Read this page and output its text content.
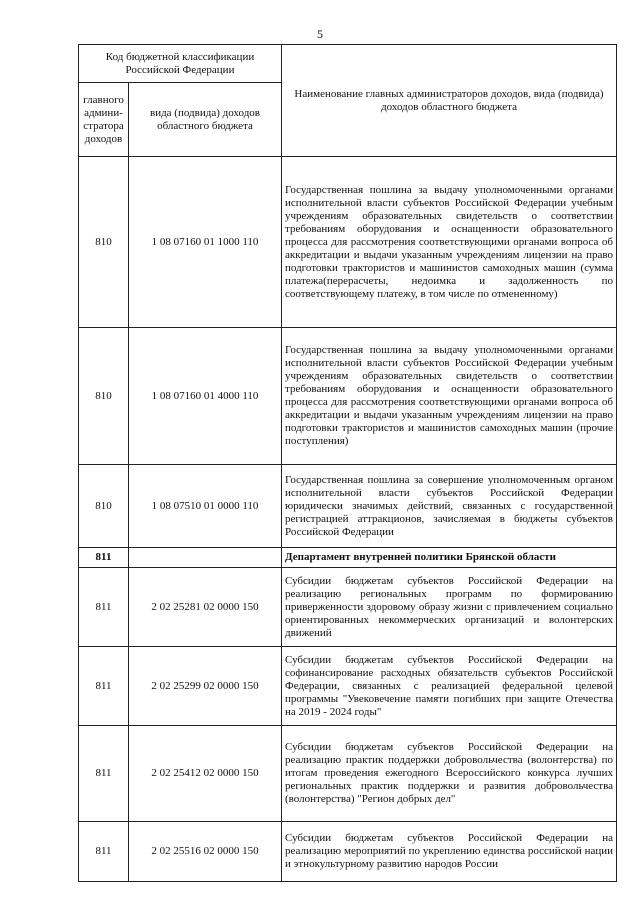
5
Код бюджетной классификации Российской Федерации		Наименование главных администраторов доходов, вида (подвида) доходов областного бюджета
главного админи-стратора доходов	вида (подвида) доходов областного бюджета	
810	1 08 07160 01 1000 110	Государственная пошлина за выдачу уполномоченными органами исполнительной власти субъектов Российской Федерации учебным учреждениям образовательных свидетельств о соответствии требованиям оборудования и оснащенности образовательного процесса для рассмотрения соответствующими органами вопроса об аккредитации и выдачи указанным учреждениям лицензии на право подготовки трактористов и машинистов самоходных машин (сумма платежа(перерасчеты, недоимка и задолженность по соответствующему платежу, в том числе по отмененному)
810	1 08 07160 01 4000 110	Государственная пошлина за выдачу уполномоченными органами исполнительной власти субъектов Российской Федерации учебным учреждениям образовательных свидетельств о соответствии требованиям оборудования и оснащенности образовательного процесса для рассмотрения соответствующими органами вопроса об аккредитации и выдачи указанным учреждениям лицензии на право подготовки трактористов и машинистов самоходных машин (прочие поступления)
810	1 08 07510 01 0000 110	Государственная пошлина за совершение уполномоченным органом исполнительной власти субъектов Российской Федерации юридически значимых действий, связанных с государственной регистрацией аттракционов, зачисляемая в бюджеты субъектов Российской Федерации
811		Департамент внутренней политики Брянской области
811	2 02 25281 02 0000 150	Субсидии бюджетам субъектов Российской Федерации на реализацию региональных программ по формированию приверженности здоровому образу жизни с привлечением социально ориентированных некоммерческих организаций и волонтерских движений
811	2 02 25299 02 0000 150	Субсидии бюджетам субъектов Российской Федерации на софинансирование расходных обязательств субъектов Российской Федерации, связанных с реализацией федеральной целевой программы "Увековечение памяти погибших при защите Отечества на 2019 - 2024 годы"
811	2 02 25412 02 0000 150	Субсидии бюджетам субъектов Российской Федерации на реализацию практик поддержки добровольчества (волонтерства) по итогам проведения ежегодного Всероссийского конкурса лучших региональных практик поддержки и развития добровольчества (волонтерства) "Регион добрых дел"
811	2 02 25516 02 0000 150	Субсидии бюджетам субъектов Российской Федерации на реализацию мероприятий по укреплению единства российской нации и этнокультурному развитию народов России
